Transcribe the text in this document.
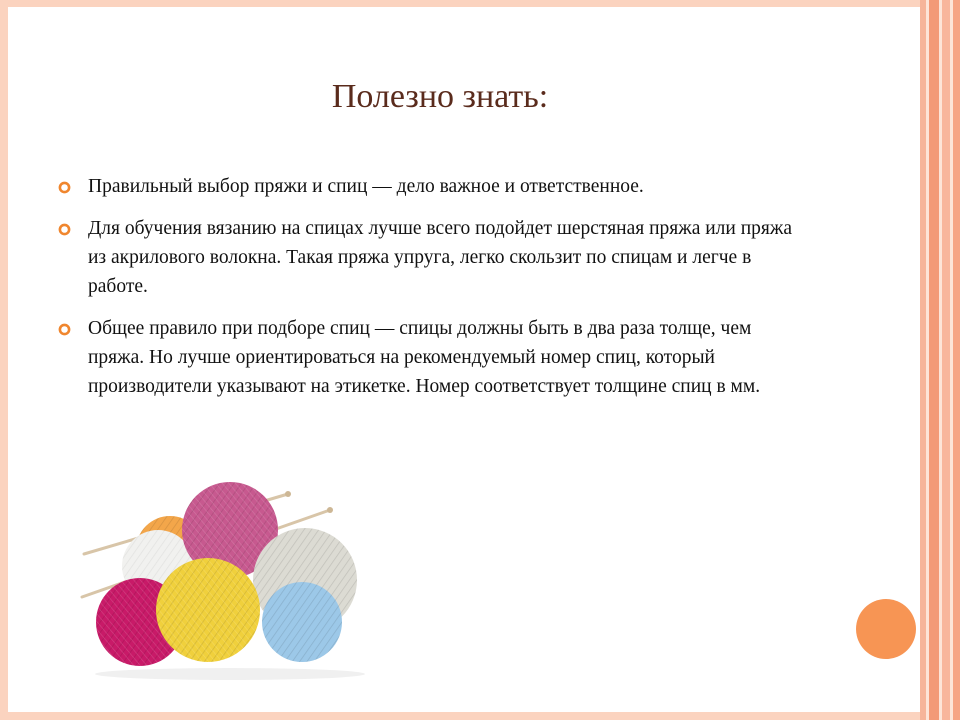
Полезно знать:
Правильный выбор пряжи и спиц — дело важное и ответственное.
Для обучения вязанию на спицах лучше всего подойдет шерстяная пряжа или пряжа из акрилового волокна. Такая пряжа упруга, легко скользит по спицам и легче в работе.
Общее правило при подборе спиц — спицы должны быть в два раза толще, чем пряжа. Но лучше ориентироваться на рекомендуемый номер спиц, который производители указывают на этикетке. Номер соответствует толщине спиц в мм.
